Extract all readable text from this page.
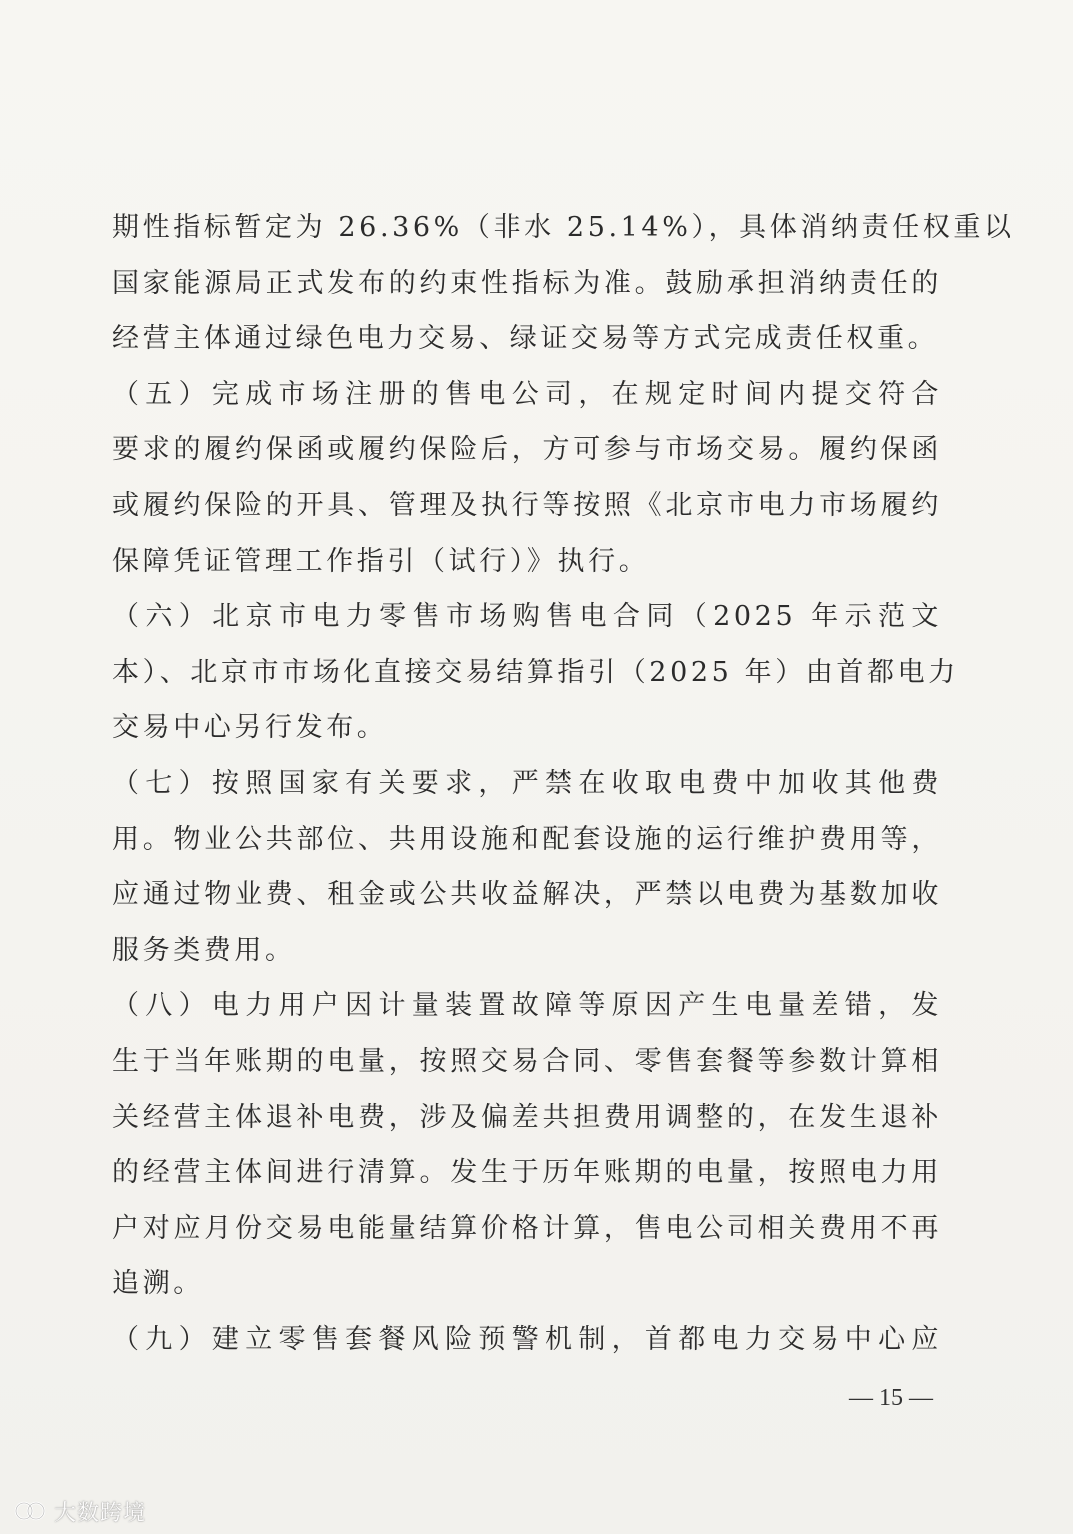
期性指标暂定为 26.36%（非水 25.14%），具体消纳责任权重以
国家能源局正式发布的约束性指标为准。鼓励承担消纳责任的
经营主体通过绿色电力交易、绿证交易等方式完成责任权重。
（五）完成市场注册的售电公司，在规定时间内提交符合
要求的履约保函或履约保险后，方可参与市场交易。履约保函
或履约保险的开具、管理及执行等按照《北京市电力市场履约
保障凭证管理工作指引（试行）》执行。
（六）北京市电力零售市场购售电合同（2025 年示范文
本）、北京市市场化直接交易结算指引（2025 年）由首都电力
交易中心另行发布。
（七）按照国家有关要求，严禁在收取电费中加收其他费
用。物业公共部位、共用设施和配套设施的运行维护费用等，
应通过物业费、租金或公共收益解决，严禁以电费为基数加收
服务类费用。
（八）电力用户因计量装置故障等原因产生电量差错，发
生于当年账期的电量，按照交易合同、零售套餐等参数计算相
关经营主体退补电费，涉及偏差共担费用调整的，在发生退补
的经营主体间进行清算。发生于历年账期的电量，按照电力用
户对应月份交易电能量结算价格计算，售电公司相关费用不再
追溯。
（九）建立零售套餐风险预警机制，首都电力交易中心应
— 15 —
大数跨境
